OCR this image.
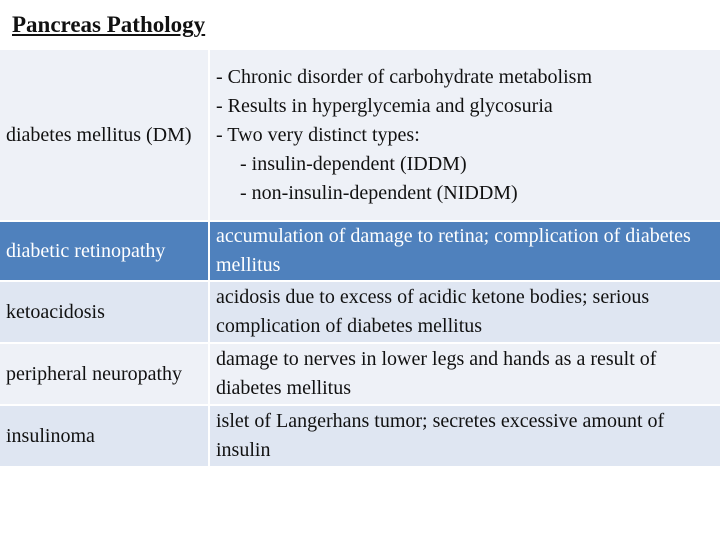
Pancreas Pathology
diabetes mellitus (DM)	- Chronic disorder of carbohydrate metabolism
- Results in hyperglycemia and glycosuria
- Two very distinct types:
- insulin-dependent (IDDM)
- non-insulin-dependent (NIDDM)

diabetic retinopathy	accumulation of damage to retina; complication of diabetes mellitus
ketoacidosis	acidosis due to excess of acidic ketone bodies; serious complication of diabetes mellitus
peripheral neuropathy	damage to nerves in lower legs and hands as a result of diabetes mellitus
insulinoma	islet of Langerhans tumor; secretes excessive amount of insulin
